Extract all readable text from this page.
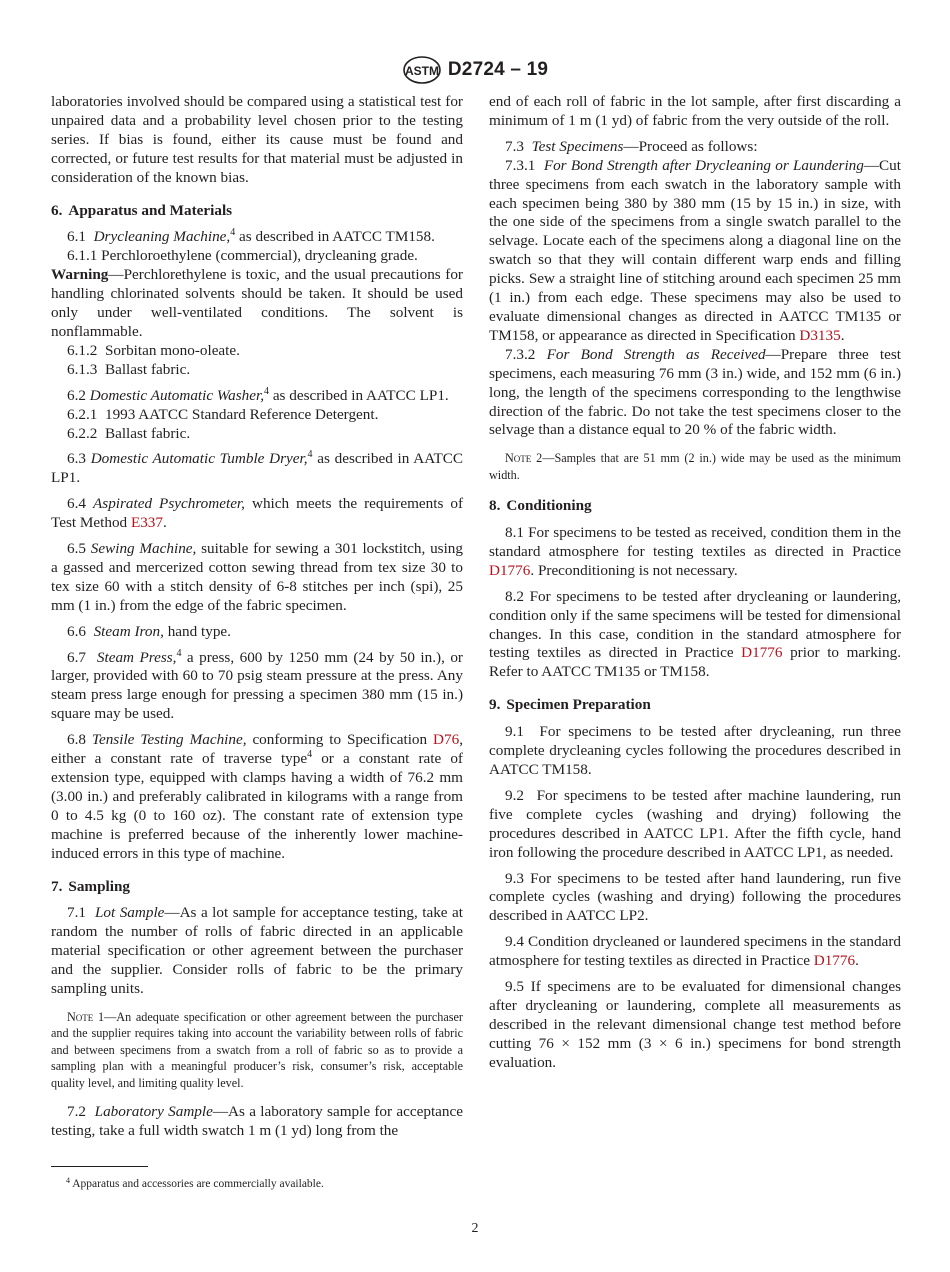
ASTM D2724 – 19

laboratories involved should be compared using a statistical test for unpaired data and a probability level chosen prior to the testing series. If bias is found, either its cause must be found and corrected, or future test results for that material must be adjusted in consideration of the known bias.

6. Apparatus and Materials

6.1 Drycleaning Machine,$^4$ as described in AATCC TM158.

6.1.1 Perchloroethylene (commercial), drycleaning grade.

Warning—Perchlorethylene is toxic, and the usual precautions for handling chlorinated solvents should be taken. It should be used only under well-ventilated conditions. The solvent is nonflammable.

6.1.2 Sorbitan mono-oleate.

6.1.3 Ballast fabric.

6.2 Domestic Automatic Washer,$^4$ as described in AATCC LP1.

6.2.1 1993 AATCC Standard Reference Detergent.

6.2.2 Ballast fabric.

6.3 Domestic Automatic Tumble Dryer,$^4$ as described in AATCC LP1.

6.4 Aspirated Psychrometer, which meets the requirements of Test Method E337.

6.5 Sewing Machine, suitable for sewing a 301 lockstitch, using a gassed and mercerized cotton sewing thread from tex size 30 to tex size 60 with a stitch density of 6-8 stitches per inch (spi), 25 mm (1 in.) from the edge of the fabric specimen.

6.6 Steam Iron, hand type.

6.7 Steam Press,$^4$ a press, 600 by 1250 mm (24 by 50 in.), or larger, provided with 60 to 70 psig steam pressure at the press. Any steam press large enough for pressing a specimen 380 mm (15 in.) square may be used.

6.8 Tensile Testing Machine, conforming to Specification D76, either a constant rate of traverse type$^4$ or a constant rate of extension type, equipped with clamps having a width of 76.2 mm (3.00 in.) and preferably calibrated in kilograms with a range from 0 to 4.5 kg (0 to 160 oz). The constant rate of extension type machine is preferred because of the inherently lower machine-induced errors in this type of machine.

7. Sampling

7.1 Lot Sample—As a lot sample for acceptance testing, take at random the number of rolls of fabric directed in an applicable material specification or other agreement between the purchaser and the supplier. Consider rolls of fabric to be the primary sampling units.

Note 1—An adequate specification or other agreement between the purchaser and the supplier requires taking into account the variability between rolls of fabric and between specimens from a swatch from a roll of fabric so as to provide a sampling plan with a meaningful producer’s risk, consumer’s risk, acceptable quality level, and limiting quality level.

7.2 Laboratory Sample—As a laboratory sample for acceptance testing, take a full width swatch 1 m (1 yd) long from the

$^4$ Apparatus and accessories are commercially available.

end of each roll of fabric in the lot sample, after first discarding a minimum of 1 m (1 yd) of fabric from the very outside of the roll.

7.3 Test Specimens—Proceed as follows:

7.3.1 For Bond Strength after Drycleaning or Laundering—Cut three specimens from each swatch in the laboratory sample with each specimen being 380 by 380 mm (15 by 15 in.) in size, with the one side of the specimens from a single swatch parallel to the selvage. Locate each of the specimens along a diagonal line on the swatch so that they will contain different warp ends and filling picks. Sew a straight line of stitching around each specimen 25 mm (1 in.) from each edge. These specimens may also be used to evaluate dimensional changes as directed in AATCC TM135 or TM158, or appearance as directed in Specification D3135.

7.3.2 For Bond Strength as Received—Prepare three test specimens, each measuring 76 mm (3 in.) wide, and 152 mm (6 in.) long, the length of the specimens corresponding to the lengthwise direction of the fabric. Do not take the test specimens closer to the selvage than a distance equal to 20 % of the fabric width.

Note 2—Samples that are 51 mm (2 in.) wide may be used as the minimum width.

8. Conditioning

8.1 For specimens to be tested as received, condition them in the standard atmosphere for testing textiles as directed in Practice D1776. Preconditioning is not necessary.

8.2 For specimens to be tested after drycleaning or laundering, condition only if the same specimens will be tested for dimensional changes. In this case, condition in the standard atmosphere for testing textiles as directed in Practice D1776 prior to marking. Refer to AATCC TM135 or TM158.

9. Specimen Preparation

9.1 For specimens to be tested after drycleaning, run three complete drycleaning cycles following the procedures described in AATCC TM158.

9.2 For specimens to be tested after machine laundering, run five complete cycles (washing and drying) following the procedures described in AATCC LP1. After the fifth cycle, hand iron following the procedure described in AATCC LP1, as needed.

9.3 For specimens to be tested after hand laundering, run five complete cycles (washing and drying) following the procedures described in AATCC LP2.

9.4 Condition drycleaned or laundered specimens in the standard atmosphere for testing textiles as directed in Practice D1776.

9.5 If specimens are to be evaluated for dimensional changes after drycleaning or laundering, complete all measurements as described in the relevant dimensional change test method before cutting 76 × 152 mm (3 × 6 in.) specimens for bond strength evaluation.

2
